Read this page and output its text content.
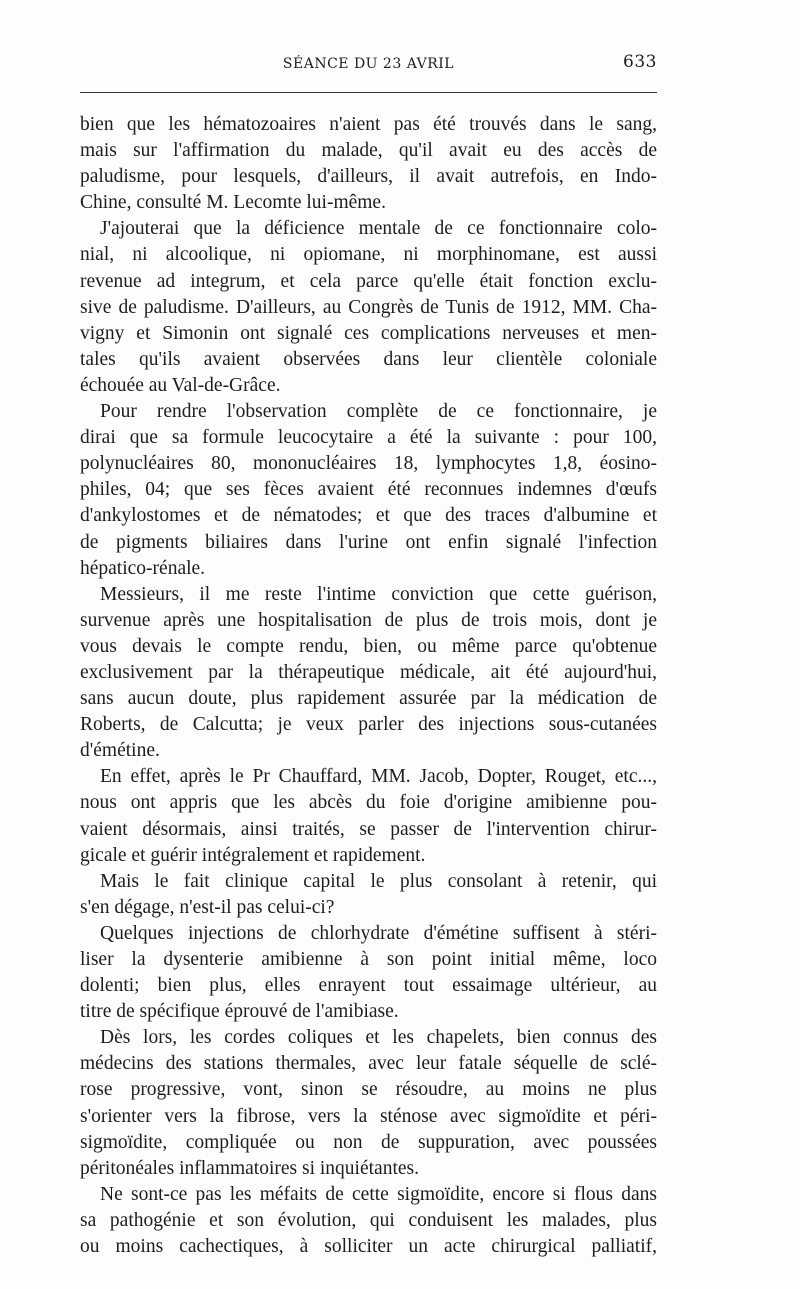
SÉANCE DU 23 AVRIL	633
bien que les hématozoaires n'aient pas été trouvés dans le sang,
mais sur l'affirmation du malade, qu'il avait eu des accès de
paludisme, pour lesquels, d'ailleurs, il avait autrefois, en Indo-
Chine, consulté M. Lecomte lui-même.
J'ajouterai que la déficience mentale de ce fonctionnaire colo-
nial, ni alcoolique, ni opiomane, ni morphinomane, est aussi
revenue ad integrum, et cela parce qu'elle était fonction exclu-
sive de paludisme. D'ailleurs, au Congrès de Tunis de 1912, MM. Cha-
vigny et Simonin ont signalé ces complications nerveuses et men-
tales qu'ils avaient observées dans leur clientèle coloniale
échouée au Val-de-Grâce.
Pour rendre l'observation complète de ce fonctionnaire, je
dirai que sa formule leucocytaire a été la suivante : pour 100,
polynucléaires 80, mononucléaires 18, lymphocytes 1,8, éosino-
philes, 04; que ses fèces avaient été reconnues indemnes d'œufs
d'ankylostomes et de nématodes; et que des traces d'albumine et
de pigments biliaires dans l'urine ont enfin signalé l'infection
hépatico-rénale.
Messieurs, il me reste l'intime conviction que cette guérison,
survenue après une hospitalisation de plus de trois mois, dont je
vous devais le compte rendu, bien, ou même parce qu'obtenue
exclusivement par la thérapeutique médicale, ait été aujourd'hui,
sans aucun doute, plus rapidement assurée par la médication de
Roberts, de Calcutta; je veux parler des injections sous-cutanées
d'émétine.
En effet, après le Pr Chauffard, MM. Jacob, Dopter, Rouget, etc...,
nous ont appris que les abcès du foie d'origine amibienne pou-
vaient désormais, ainsi traités, se passer de l'intervention chirur-
gicale et guérir intégralement et rapidement.
Mais le fait clinique capital le plus consolant à retenir, qui
s'en dégage, n'est-il pas celui-ci?
Quelques injections de chlorhydrate d'émétine suffisent à stéri-
liser la dysenterie amibienne à son point initial même, loco
dolenti; bien plus, elles enrayent tout essaimage ultérieur, au
titre de spécifique éprouvé de l'amibiase.
Dès lors, les cordes coliques et les chapelets, bien connus des
médecins des stations thermales, avec leur fatale séquelle de sclé-
rose progressive, vont, sinon se résoudre, au moins ne plus
s'orienter vers la fibrose, vers la sténose avec sigmoïdite et péri-
sigmoïdite, compliquée ou non de suppuration, avec poussées
péritonéales inflammatoires si inquiétantes.
Ne sont-ce pas les méfaits de cette sigmoïdite, encore si flous dans
sa pathogénie et son évolution, qui conduisent les malades, plus
ou moins cachectiques, à solliciter un acte chirurgical palliatif,
